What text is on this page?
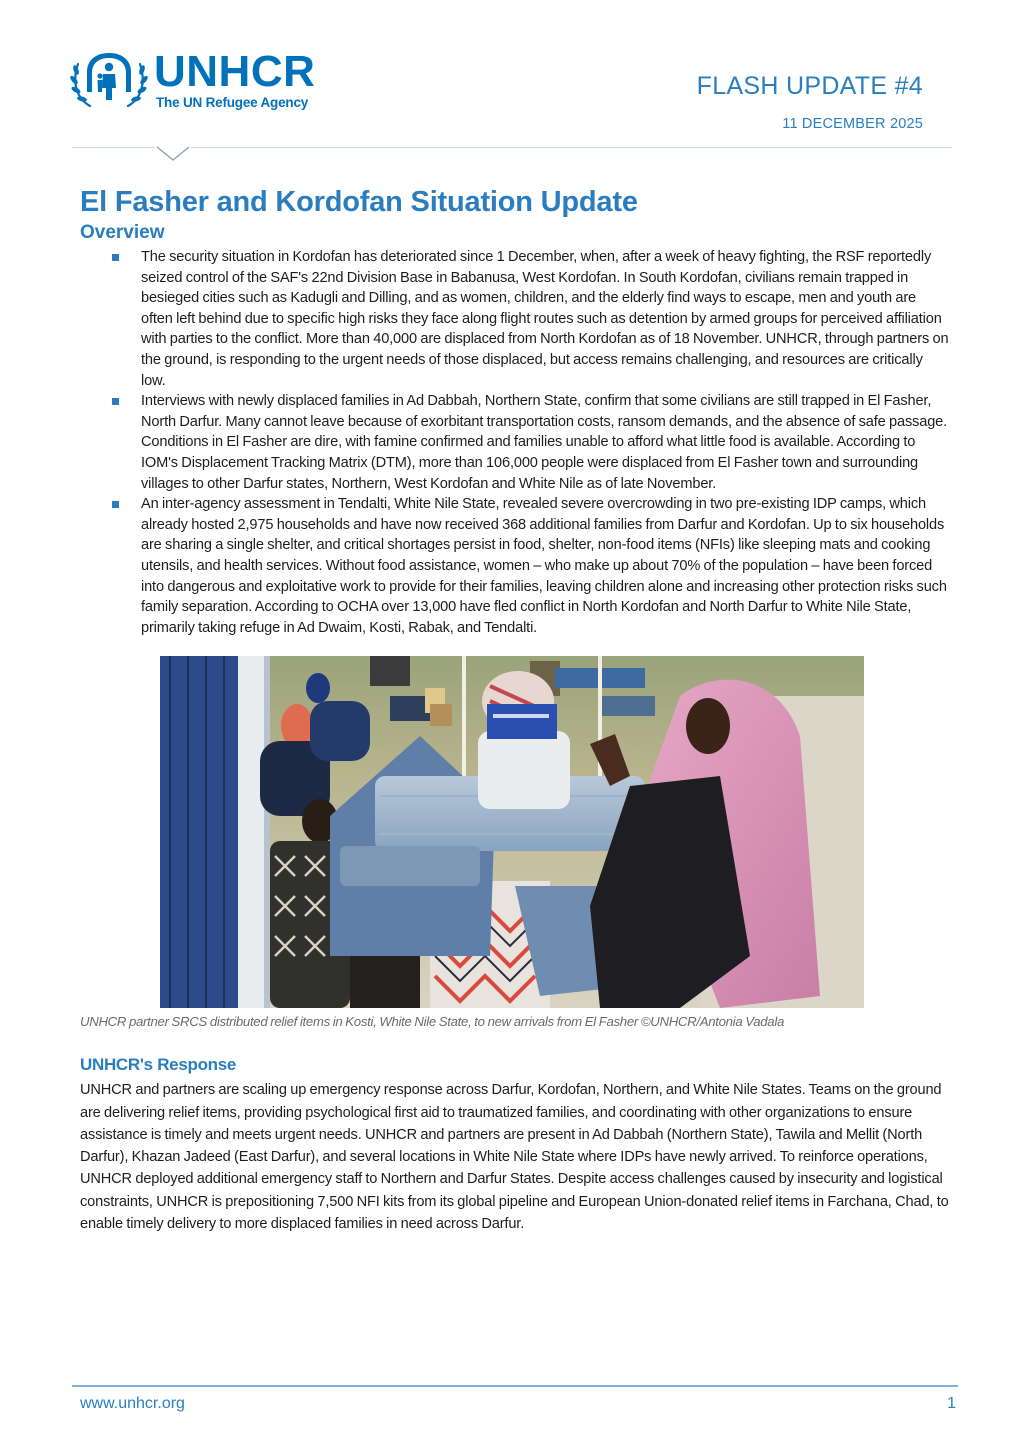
UNHCR
The UN Refugee Agency
FLASH UPDATE #4
11 DECEMBER 2025
El Fasher and Kordofan Situation Update
Overview
The security situation in Kordofan has deteriorated since 1 December, when, after a week of heavy fighting, the RSF reportedly seized control of the SAF's 22nd Division Base in Babanusa, West Kordofan. In South Kordofan, civilians remain trapped in besieged cities such as Kadugli and Dilling, and as women, children, and the elderly find ways to escape, men and youth are often left behind due to specific high risks they face along flight routes such as detention by armed groups for perceived affiliation with parties to the conflict. More than 40,000 are displaced from North Kordofan as of 18 November. UNHCR, through partners on the ground, is responding to the urgent needs of those displaced, but access remains challenging, and resources are critically low.
Interviews with newly displaced families in Ad Dabbah, Northern State, confirm that some civilians are still trapped in El Fasher, North Darfur. Many cannot leave because of exorbitant transportation costs, ransom demands, and the absence of safe passage. Conditions in El Fasher are dire, with famine confirmed and families unable to afford what little food is available. According to IOM's Displacement Tracking Matrix (DTM), more than 106,000 people were displaced from El Fasher town and surrounding villages to other Darfur states, Northern, West Kordofan and White Nile as of late November.
An inter-agency assessment in Tendalti, White Nile State, revealed severe overcrowding in two pre-existing IDP camps, which already hosted 2,975 households and have now received 368 additional families from Darfur and Kordofan. Up to six households are sharing a single shelter, and critical shortages persist in food, shelter, non-food items (NFIs) like sleeping mats and cooking utensils, and health services. Without food assistance, women – who make up about 70% of the population – have been forced into dangerous and exploitative work to provide for their families, leaving children alone and increasing other protection risks such family separation. According to OCHA over 13,000 have fled conflict in North Kordofan and North Darfur to White Nile State, primarily taking refuge in Ad Dwaim, Kosti, Rabak, and Tendalti.

UNHCR partner SRCS distributed relief items in Kosti, White Nile State, to new arrivals from El Fasher ©UNHCR/Antonia Vadala

UNHCR's Response

UNHCR and partners are scaling up emergency response across Darfur, Kordofan, Northern, and White Nile States. Teams on the ground are delivering relief items, providing psychological first aid to traumatized families, and coordinating with other organizations to ensure assistance is timely and meets urgent needs. UNHCR and partners are present in Ad Dabbah (Northern State), Tawila and Mellit (North Darfur), Khazan Jadeed (East Darfur), and several locations in White Nile State where IDPs have newly arrived. To reinforce operations, UNHCR deployed additional emergency staff to Northern and Darfur States. Despite access challenges caused by insecurity and logistical constraints, UNHCR is prepositioning 7,500 NFI kits from its global pipeline and European Union-donated relief items in Farchana, Chad, to enable timely delivery to more displaced families in need across Darfur.

www.unhcr.org	1
